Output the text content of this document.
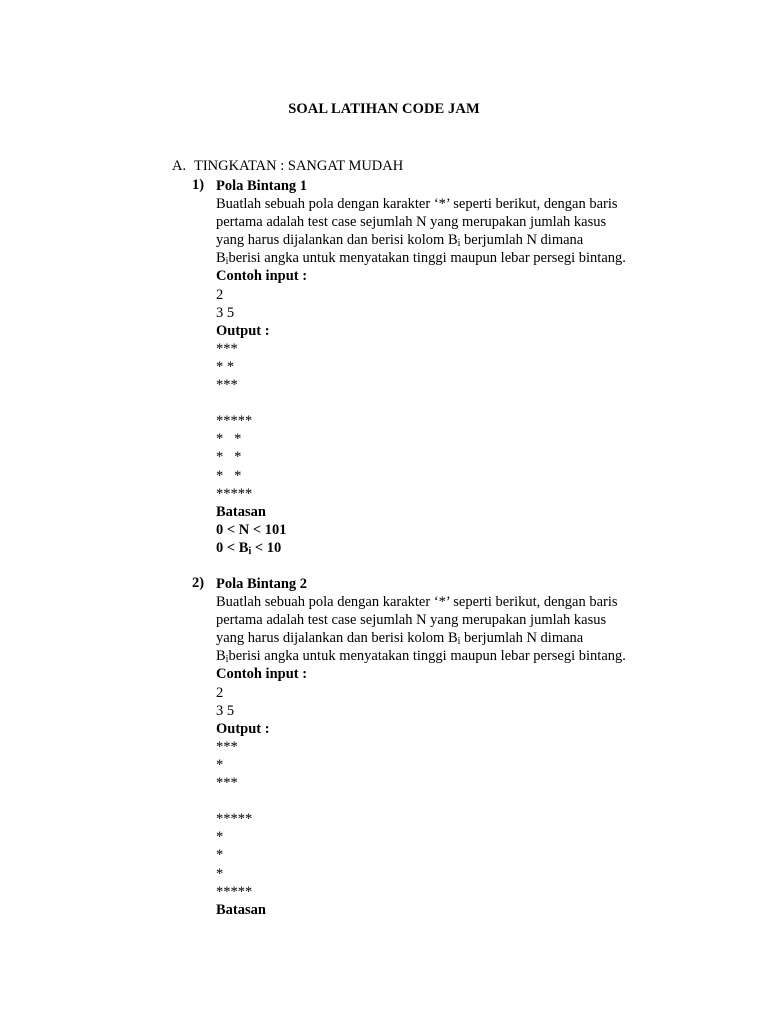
SOAL LATIHAN CODE JAM
A. TINGKATAN : SANGAT MUDAH
1) Pola Bintang 1
Buatlah sebuah pola dengan karakter ‘*’ seperti berikut, dengan baris
pertama adalah test case sejumlah N yang merupakan jumlah kasus
yang harus dijalankan dan berisi kolom $B_i$ berjumlah N dimana
$B_iberisi$ angka untuk menyatakan tinggi maupun lebar persegi bintang.
Contoh input :
2
3 5
Output :
***
* *
***
*****
*   *
*   *
*   *
*****
Batasan
0 < N < 101
$0 < B_i < 10$
2) Pola Bintang 2
Buatlah sebuah pola dengan karakter ‘*’ seperti berikut, dengan baris
pertama adalah test case sejumlah N yang merupakan jumlah kasus
yang harus dijalankan dan berisi kolom $B_i$ berjumlah N dimana
$B_iberisi$ angka untuk menyatakan tinggi maupun lebar persegi bintang.
Contoh input :
2
3 5
Output :
***
*
***
*****
*
*
*
*****
Batasan
